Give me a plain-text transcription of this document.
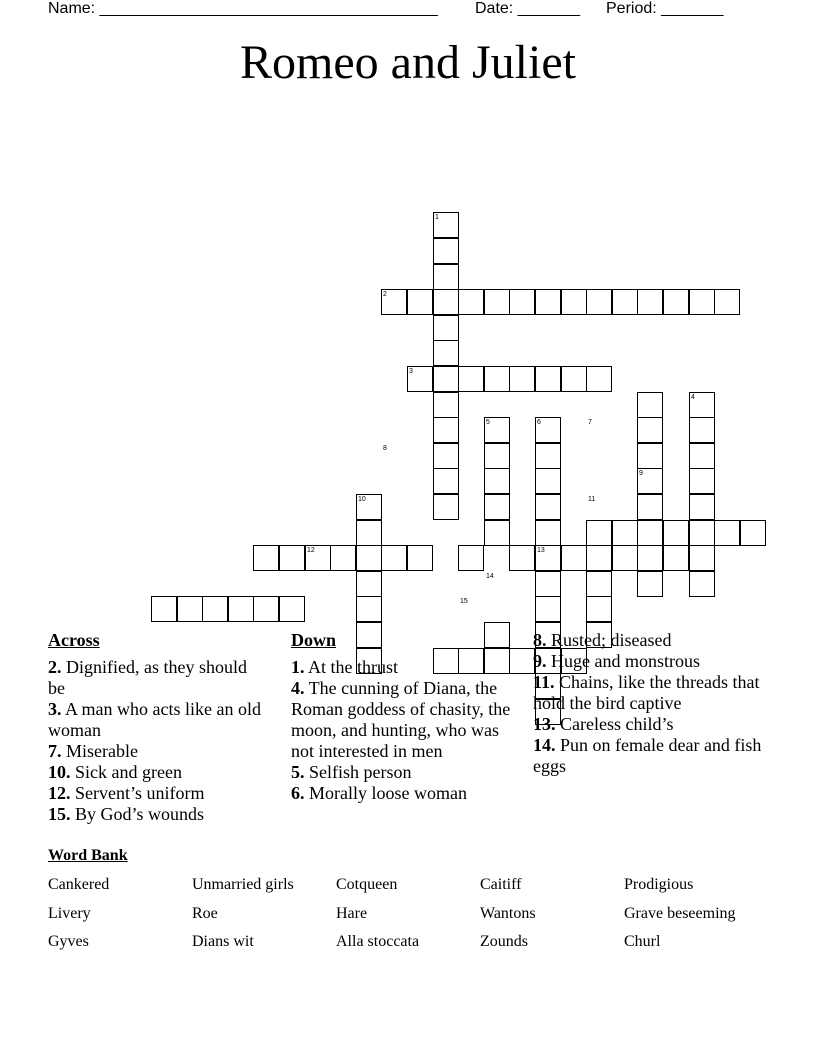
Name: ______________________________________ Date: _______ Period: _______
Romeo and Juliet
1
2
3
4
5	6	7
8
9
10	11
12	13
14
15
Across
2. Dignified, as they should be
3. A man who acts like an old woman
7. Miserable
10. Sick and green
12. Servent’s uniform
15. By God’s wounds
Down
1. At the thrust
4. The cunning of Diana, the Roman goddess of chasity, the moon, and hunting, who was not interested in men
5. Selfish person
6. Morally loose woman
8. Rusted; diseased
9. Huge and monstrous
11. Chains, like the threads that hold the bird captive
13. Careless child’s
14. Pun on female dear and fish eggs
Word Bank
Cankered	Unmarried girls	Cotqueen	Caitiff	Prodigious
Livery	Roe	Hare	Wantons	Grave beseeming
Gyves	Dians wit	Alla stoccata	Zounds	Churl
